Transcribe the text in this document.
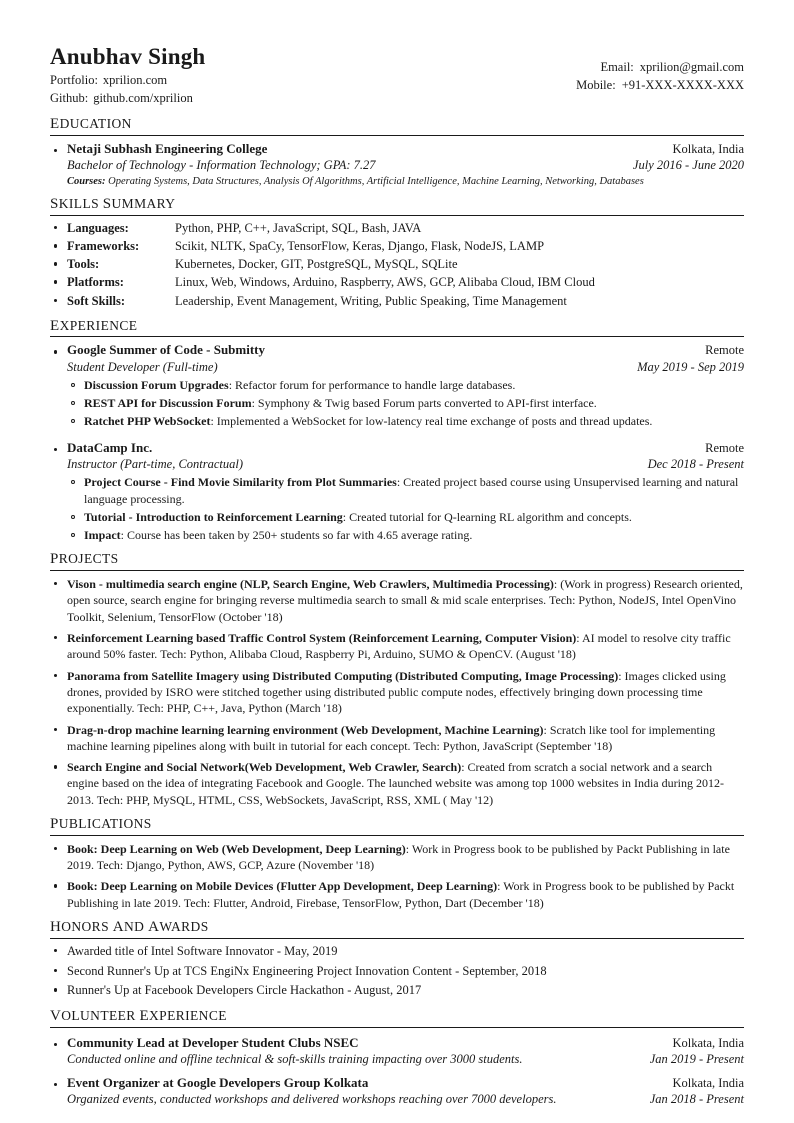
Anubhav Singh
Portfolio: xprilion.com
Github: github.com/xprilion
Email: xprilion@gmail.com
Mobile: +91-XXX-XXXX-XXX
EDUCATION
Netaji Subhash Engineering College	Kolkata, India
Bachelor of Technology - Information Technology; GPA: 7.27	July 2016 - June 2020
Courses: Operating Systems, Data Structures, Analysis Of Algorithms, Artificial Intelligence, Machine Learning, Networking, Databases
SKILLS SUMMARY
Languages:	Python, PHP, C++, JavaScript, SQL, Bash, JAVA
Frameworks:	Scikit, NLTK, SpaCy, TensorFlow, Keras, Django, Flask, NodeJS, LAMP
Tools:	Kubernetes, Docker, GIT, PostgreSQL, MySQL, SQLite
Platforms:	Linux, Web, Windows, Arduino, Raspberry, AWS, GCP, Alibaba Cloud, IBM Cloud
Soft Skills:	Leadership, Event Management, Writing, Public Speaking, Time Management
EXPERIENCE
Google Summer of Code - Submitty	Remote
Student Developer (Full-time)	May 2019 - Sep 2019
Discussion Forum Upgrades: Refactor forum for performance to handle large databases.
REST API for Discussion Forum: Symphony & Twig based Forum parts converted to API-first interface.
Ratchet PHP WebSocket: Implemented a WebSocket for low-latency real time exchange of posts and thread updates.
DataCamp Inc.	Remote
Instructor (Part-time, Contractual)	Dec 2018 - Present
Project Course - Find Movie Similarity from Plot Summaries: Created project based course using Unsupervised learning and natural language processing.
Tutorial - Introduction to Reinforcement Learning: Created tutorial for Q-learning RL algorithm and concepts.
Impact: Course has been taken by 250+ students so far with 4.65 average rating.
PROJECTS
Vison - multimedia search engine (NLP, Search Engine, Web Crawlers, Multimedia Processing): (Work in progress) Research oriented, open source, search engine for bringing reverse multimedia search to small & mid scale enterprises. Tech: Python, NodeJS, Intel OpenVino Toolkit, Selenium, TensorFlow (October '18)
Reinforcement Learning based Traffic Control System (Reinforcement Learning, Computer Vision): AI model to resolve city traffic around 50% faster. Tech: Python, Alibaba Cloud, Raspberry Pi, Arduino, SUMO & OpenCV. (August '18)
Panorama from Satellite Imagery using Distributed Computing (Distributed Computing, Image Processing): Images clicked using drones, provided by ISRO were stitched together using distributed public compute nodes, effectively bringing down processing time exponentially. Tech: PHP, C++, Java, Python (March '18)
Drag-n-drop machine learning learning environment (Web Development, Machine Learning): Scratch like tool for implementing machine learning pipelines along with built in tutorial for each concept. Tech: Python, JavaScript (September '18)
Search Engine and Social Network(Web Development, Web Crawler, Search): Created from scratch a social network and a search engine based on the idea of integrating Facebook and Google. The launched website was among top 1000 websites in India during 2012-2013. Tech: PHP, MySQL, HTML, CSS, WebSockets, JavaScript, RSS, XML ( May '12)
PUBLICATIONS
Book: Deep Learning on Web (Web Development, Deep Learning): Work in Progress book to be published by Packt Publishing in late 2019. Tech: Django, Python, AWS, GCP, Azure (November '18)
Book: Deep Learning on Mobile Devices (Flutter App Development, Deep Learning): Work in Progress book to be published by Packt Publishing in late 2019. Tech: Flutter, Android, Firebase, TensorFlow, Python, Dart (December '18)
HONORS AND AWARDS
Awarded title of Intel Software Innovator - May, 2019
Second Runner's Up at TCS EngiNx Engineering Project Innovation Content - September, 2018
Runner's Up at Facebook Developers Circle Hackathon - August, 2017
VOLUNTEER EXPERIENCE
Community Lead at Developer Student Clubs NSEC	Kolkata, India
Conducted online and offline technical & soft-skills training impacting over 3000 students.	Jan 2019 - Present
Event Organizer at Google Developers Group Kolkata	Kolkata, India
Organized events, conducted workshops and delivered workshops reaching over 7000 developers.	Jan 2018 - Present
